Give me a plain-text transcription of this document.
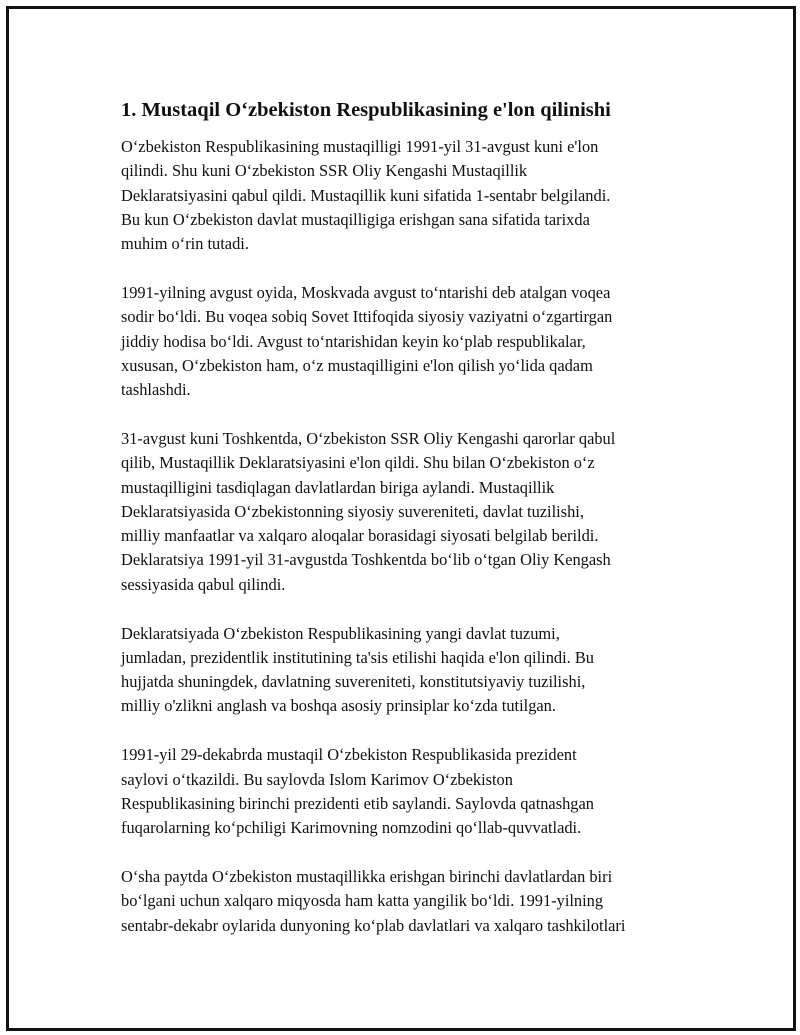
1. Mustaqil O‘zbekiston Respublikasining e'lon qilinishi

O‘zbekiston Respublikasining mustaqilligi 1991-yil 31-avgust kuni e'lon
qilindi. Shu kuni O‘zbekiston SSR Oliy Kengashi Mustaqillik
Deklaratsiyasini qabul qildi. Mustaqillik kuni sifatida 1-sentabr belgilandi.
Bu kun O‘zbekiston davlat mustaqilligiga erishgan sana sifatida tarixda
muhim o‘rin tutadi.

1991-yilning avgust oyida, Moskvada avgust to‘ntarishi deb atalgan voqea
sodir bo‘ldi. Bu voqea sobiq Sovet Ittifoqida siyosiy vaziyatni o‘zgartirgan
jiddiy hodisa bo‘ldi. Avgust to‘ntarishidan keyin ko‘plab respublikalar,
xususan, O‘zbekiston ham, o‘z mustaqilligini e'lon qilish yo‘lida qadam
tashlashdi.

31-avgust kuni Toshkentda, O‘zbekiston SSR Oliy Kengashi qarorlar qabul
qilib, Mustaqillik Deklaratsiyasini e'lon qildi. Shu bilan O‘zbekiston o‘z
mustaqilligini tasdiqlagan davlatlardan biriga aylandi. Mustaqillik
Deklaratsiyasida O‘zbekistonning siyosiy suvereniteti, davlat tuzilishi,
milliy manfaatlar va xalqaro aloqalar borasidagi siyosati belgilab berildi.
Deklaratsiya 1991-yil 31-avgustda Toshkentda bo‘lib o‘tgan Oliy Kengash
sessiyasida qabul qilindi.

Deklaratsiyada O‘zbekiston Respublikasining yangi davlat tuzumi,
jumladan, prezidentlik institutining ta'sis etilishi haqida e'lon qilindi. Bu
hujjatda shuningdek, davlatning suvereniteti, konstitutsiyaviy tuzilishi,
milliy o'zlikni anglash va boshqa asosiy prinsiplar ko‘zda tutilgan.

1991-yil 29-dekabrda mustaqil O‘zbekiston Respublikasida prezident
saylovi o‘tkazildi. Bu saylovda Islom Karimov O‘zbekiston
Respublikasining birinchi prezidenti etib saylandi. Saylovda qatnashgan
fuqarolarning ko‘pchiligi Karimovning nomzodini qo‘llab-quvvatladi.

O‘sha paytda O‘zbekiston mustaqillikka erishgan birinchi davlatlardan biri
bo‘lgani uchun xalqaro miqyosda ham katta yangilik bo‘ldi. 1991-yilning
sentabr-dekabr oylarida dunyoning ko‘plab davlatlari va xalqaro tashkilotlari
